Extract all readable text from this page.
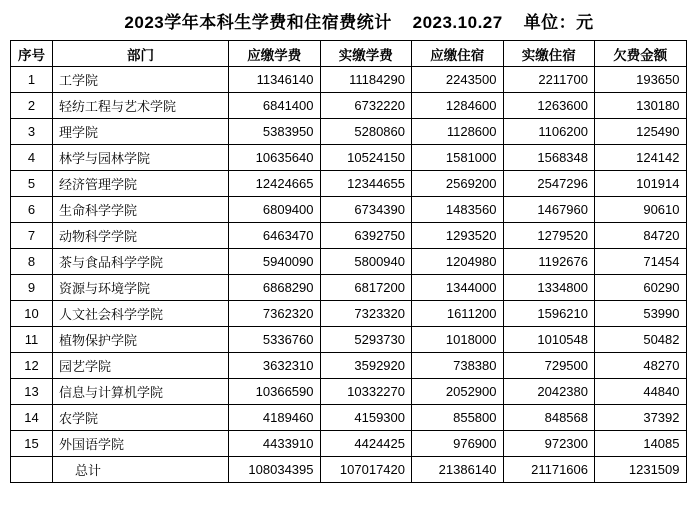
2023学年本科生学费和住宿费统计    2023.10.27    单位：元
序号	部门	应缴学费	实缴学费	应缴住宿	实缴住宿	欠费金额
1	工学院	11346140	11184290	2243500	2211700	193650
2	轻纺工程与艺术学院	6841400	6732220	1284600	1263600	130180
3	理学院	5383950	5280860	1128600	1106200	125490
4	林学与园林学院	10635640	10524150	1581000	1568348	124142
5	经济管理学院	12424665	12344655	2569200	2547296	101914
6	生命科学学院	6809400	6734390	1483560	1467960	90610
7	动物科学学院	6463470	6392750	1293520	1279520	84720
8	茶与食品科学学院	5940090	5800940	1204980	1192676	71454
9	资源与环境学院	6868290	6817200	1344000	1334800	60290
10	人文社会科学学院	7362320	7323320	1611200	1596210	53990
11	植物保护学院	5336760	5293730	1018000	1010548	50482
12	园艺学院	3632310	3592920	738380	729500	48270
13	信息与计算机学院	10366590	10332270	2052900	2042380	44840
14	农学院	4189460	4159300	855800	848568	37392
15	外国语学院	4433910	4424425	976900	972300	14085
	总计	108034395	107017420	21386140	21171606	1231509
